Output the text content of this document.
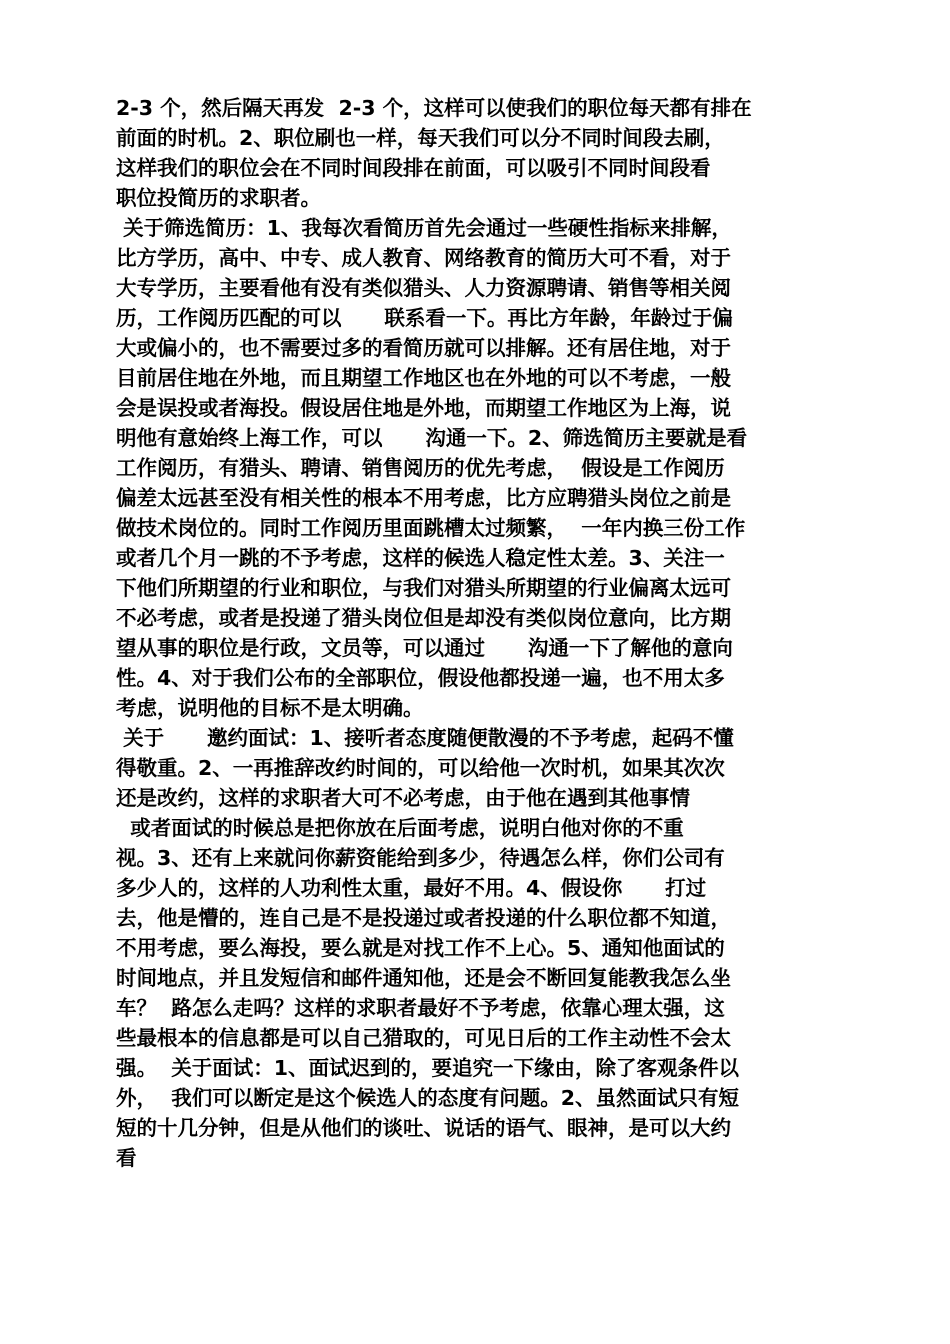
2-3 个，然后隔天再发  2-3 个，这样可以使我们的职位每天都有排在
前面的时机。2、职位刷也一样，每天我们可以分不同时间段去刷，
这样我们的职位会在不同时间段排在前面，可以吸引不同时间段看
职位投简历的求职者。
关于筛选简历：1、我每次看简历首先会通过一些硬性指标来排解，
比方学历，高中、中专、成人教育、网络教育的简历大可不看，对于
大专学历，主要看他有没有类似猎头、人力资源聘请、销售等相关阅
历，工作阅历匹配的可以      联系看一下。再比方年龄，年龄过于偏
大或偏小的，也不需要过多的看简历就可以排解。还有居住地，对于
目前居住地在外地，而且期望工作地区也在外地的可以不考虑，一般
会是误投或者海投。假设居住地是外地，而期望工作地区为上海，说
明他有意始终上海工作，可以      沟通一下。2、筛选简历主要就是看
工作阅历，有猎头、聘请、销售阅历的优先考虑，  假设是工作阅历
偏差太远甚至没有相关性的根本不用考虑，比方应聘猎头岗位之前是
做技术岗位的。同时工作阅历里面跳槽太过频繁，  一年内换三份工作
或者几个月一跳的不予考虑，这样的候选人稳定性太差。3、关注一
下他们所期望的行业和职位，与我们对猎头所期望的行业偏离太远可
不必考虑，或者是投递了猎头岗位但是却没有类似岗位意向，比方期
望从事的职位是行政，文员等，可以通过      沟通一下了解他的意向
性。4、对于我们公布的全部职位，假设他都投递一遍，也不用太多
考虑，说明他的目标不是太明确。
关于      邀约面试：1、接听者态度随便散漫的不予考虑，起码不懂
得敬重。2、一再推辞改约时间的，可以给他一次时机，如果其次次
还是改约，这样的求职者大可不必考虑，由于他在遇到其他事情
或者面试的时候总是把你放在后面考虑，说明白他对你的不重
视。3、还有上来就问你薪资能给到多少，待遇怎么样，你们公司有
多少人的，这样的人功利性太重，最好不用。4、假设你      打过
去，他是懵的，连自己是不是投递过或者投递的什么职位都不知道，
不用考虑，要么海投，要么就是对找工作不上心。5、通知他面试的
时间地点，并且发短信和邮件通知他，还是会不断回复能教我怎么坐
车？  路怎么走吗？这样的求职者最好不予考虑，依靠心理太强，这
些最根本的信息都是可以自己猎取的，可见日后的工作主动性不会太
强。  关于面试：1、面试迟到的，要追究一下缘由，除了客观条件以
外，  我们可以断定是这个候选人的态度有问题。2、虽然面试只有短
短的十几分钟，但是从他们的谈吐、说话的语气、眼神，是可以大约
看
